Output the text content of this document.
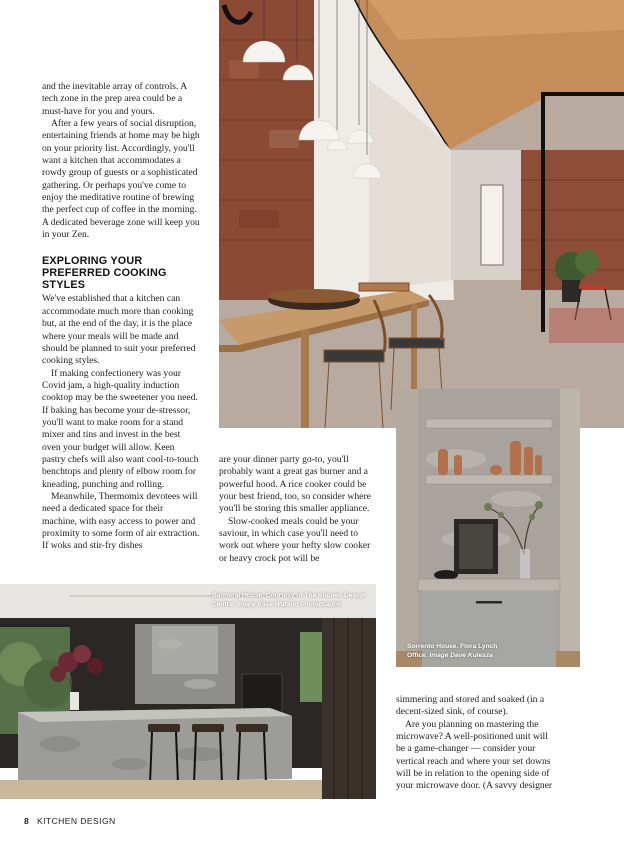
and the inevitable array of controls. A tech zone in the prep area could be a must-have for you and yours.

After a few years of social disruption, entertaining friends at home may be high on your priority list. Accordingly, you'll want a kitchen that accommodates a rowdy group of guests or a sophisticated gathering. Or perhaps you've come to enjoy the meditative routine of brewing the perfect cup of coffee in the morning. A dedicated beverage zone will keep you in your Zen.

EXPLORING YOUR PREFERRED COOKING STYLES

We've established that a kitchen can accommodate much more than cooking but, at the end of the day, it is the place where your meals will be made and should be planned to suit your preferred cooking styles.

If making confectionery was your Covid jam, a high-quality induction cooktop may be the sweetener you need. If baking has become your de-stressor, you'll want to make room for a stand mixer and tins and invest in the best oven your budget will allow. Keen pastry chefs will also want cool-to-touch benchtops and plenty of elbow room for kneading, punching and rolling.

Meanwhile, Thermomix devotees will need a dedicated space for their machine, with easy access to power and proximity to some form of air extraction. If woks and stir-fry dishes

are your dinner party go-to, you'll probably want a great gas burner and a powerful hood. A rice cooker could be your best friend, too, so consider where you'll be storing this smaller appliance.

Slow-cooked meals could be your saviour, in which case you'll need to work out where your hefty slow cooker or heavy crock pot will be

simmering and stored and soaked (in a decent-sized sink, of course).

Are you planning on mastering the microwave? A well-positioned unit will be a game-changer — consider your vertical reach and where your set downs will be in relation to the opening side of your microwave door. (A savvy designer

Balmoral House. Courtesy of The Kitchen Design
Centre. Image Elise Watson Photography
Sorrento House. Flora Lynch
Office. Image Dave Kulesza
8 KITCHEN DESIGN
